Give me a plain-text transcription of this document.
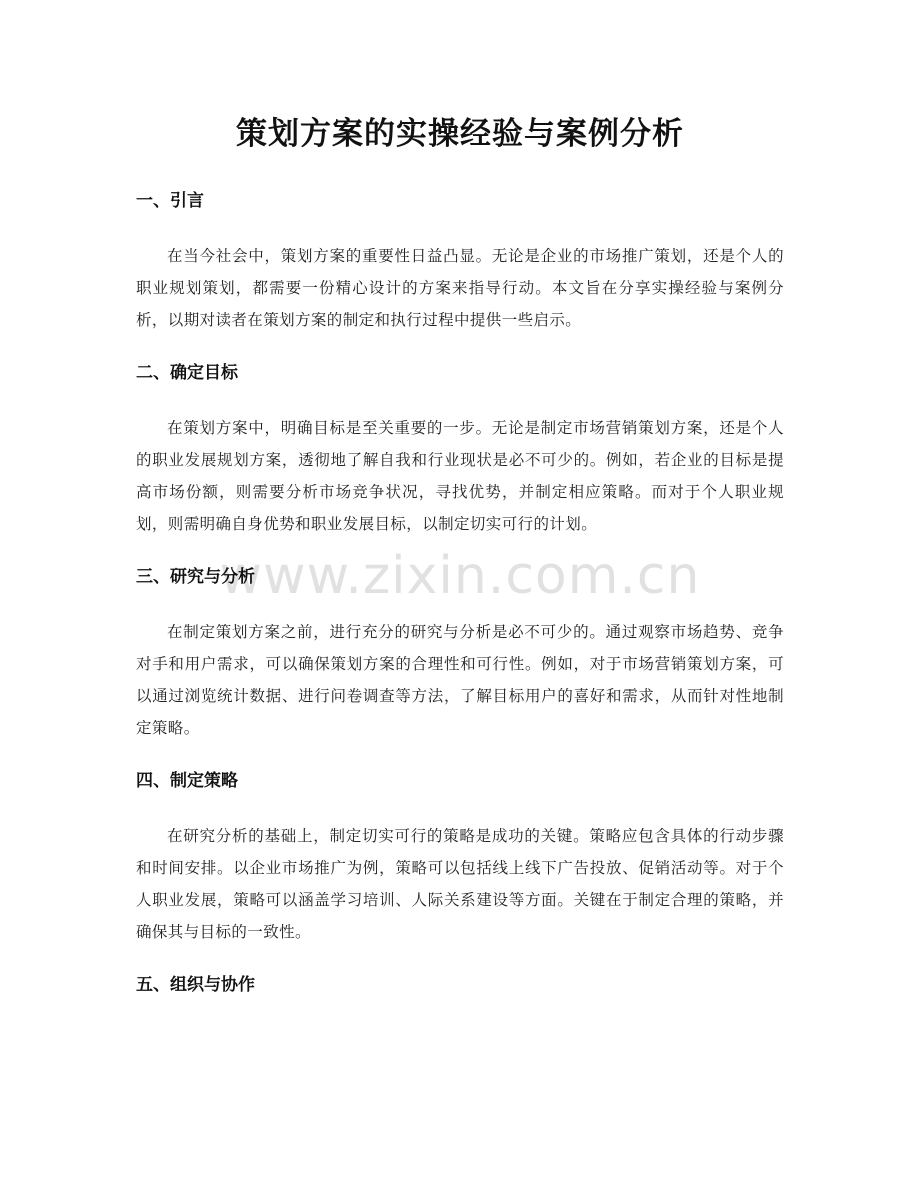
策划方案的实操经验与案例分析
www.zixin.com.cn
一、引言

在当今社会中，策划方案的重要性日益凸显。无论是企业的市场推广策划，还是个人的职业规划策划，都需要一份精心设计的方案来指导行动。本文旨在分享实操经验与案例分析，以期对读者在策划方案的制定和执行过程中提供一些启示。

二、确定目标

在策划方案中，明确目标是至关重要的一步。无论是制定市场营销策划方案，还是个人的职业发展规划方案，透彻地了解自我和行业现状是必不可少的。例如，若企业的目标是提高市场份额，则需要分析市场竞争状况，寻找优势，并制定相应策略。而对于个人职业规划，则需明确自身优势和职业发展目标，以制定切实可行的计划。

三、研究与分析

在制定策划方案之前，进行充分的研究与分析是必不可少的。通过观察市场趋势、竞争对手和用户需求，可以确保策划方案的合理性和可行性。例如，对于市场营销策划方案，可以通过浏览统计数据、进行问卷调查等方法，了解目标用户的喜好和需求，从而针对性地制定策略。

四、制定策略

在研究分析的基础上，制定切实可行的策略是成功的关键。策略应包含具体的行动步骤和时间安排。以企业市场推广为例，策略可以包括线上线下广告投放、促销活动等。对于个人职业发展，策略可以涵盖学习培训、人际关系建设等方面。关键在于制定合理的策略，并确保其与目标的一致性。

五、组织与协作
